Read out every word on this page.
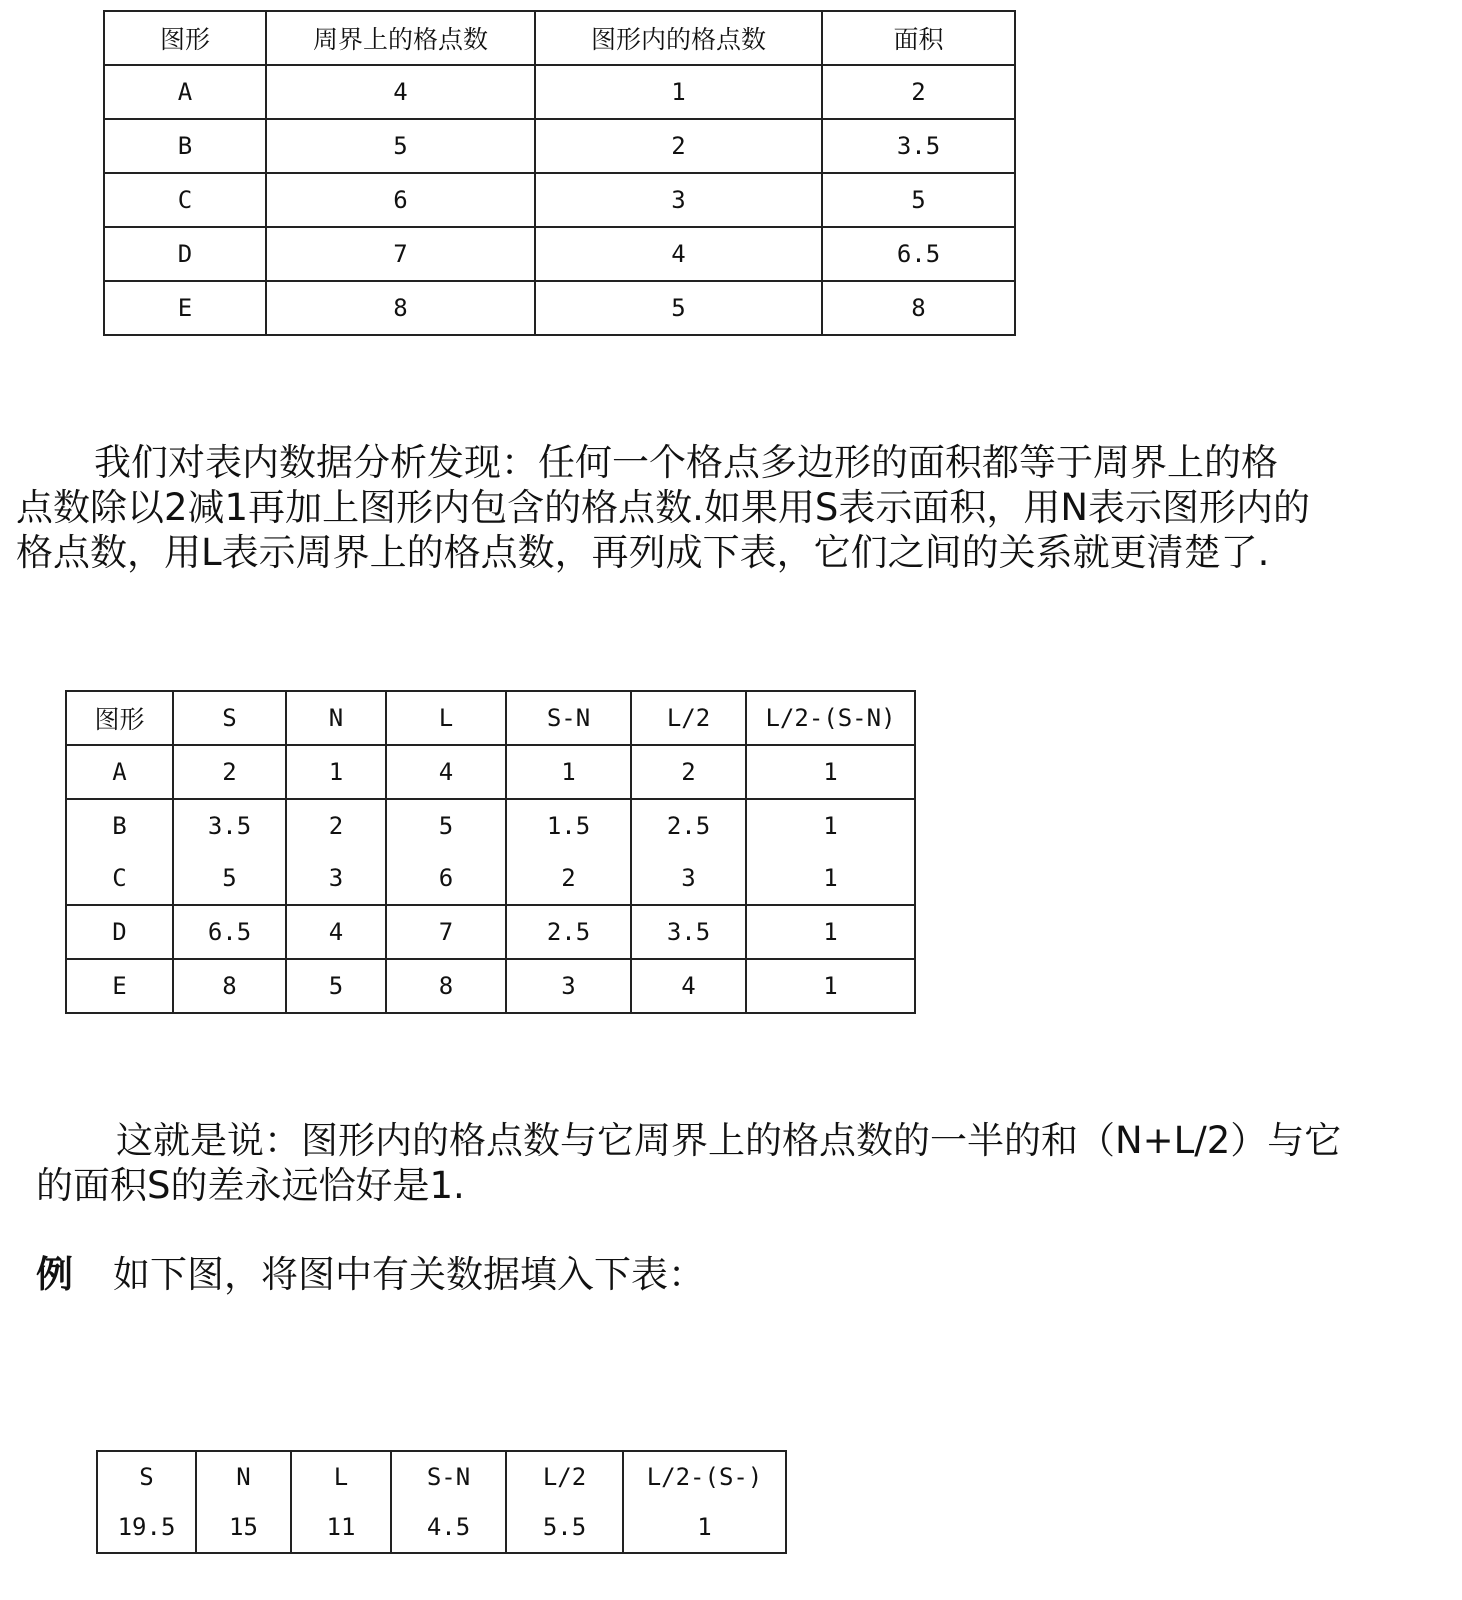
图形	周界上的格点数	图形内的格点数	面积
A	4	1	2
B	5	2	3.5
C	6	3	5
D	7	4	6.5
E	8	5	8
我们对表内数据分析发现：任何一个格点多边形的面积都等于周界上的格
点数除以2减1再加上图形内包含的格点数.如果用S表示面积，用N表示图形内的
格点数，用L表示周界上的格点数，再列成下表，它们之间的关系就更清楚了.
图形	S	N	L	S-N	L/2	L/2-(S-N)
A	2	1	4	1	2	1
B	3.5	2	5	1.5	2.5	1
C	5	3	6	2	3	1
D	6.5	4	7	2.5	3.5	1
E	8	5	8	3	4	1
这就是说：图形内的格点数与它周界上的格点数的一半的和（N+L/2）与它
的面积S的差永远恰好是1.
例 如下图，将图中有关数据填入下表：
S	N	L	S-N	L/2	L/2-(S-)
19.5	15	11	4.5	5.5	1
